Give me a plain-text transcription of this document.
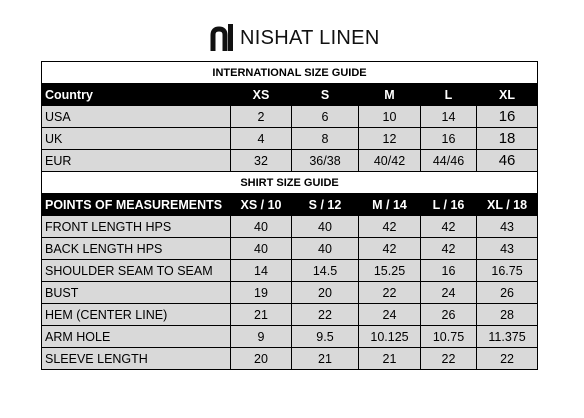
NISHAT LINEN
INTERNATIONAL SIZE GUIDE					
Country	XS	S	M	L	XL
USA	2	6	10	14	16
UK	4	8	12	16	18
EUR	32	36/38	40/42	44/46	46
SHIRT SIZE GUIDE					
POINTS OF MEASUREMENTS	XS / 10	S / 12	M / 14	L / 16	XL / 18
FRONT LENGTH HPS	40	40	42	42	43
BACK LENGTH HPS	40	40	42	42	43
SHOULDER SEAM TO SEAM	14	14.5	15.25	16	16.75
BUST	19	20	22	24	26
HEM (CENTER LINE)	21	22	24	26	28
ARM HOLE	9	9.5	10.125	10.75	11.375
SLEEVE LENGTH	20	21	21	22	22
